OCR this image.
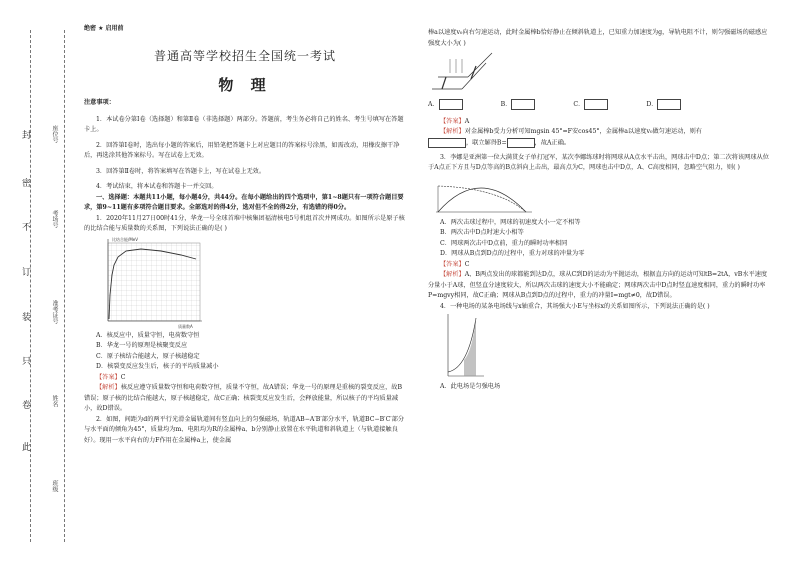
封
密
不
订
装
只
卷
此
座位号
考场号
准考证号
姓名
班级
绝密 ★ 启用前
普通高等学校招生全国统一考试
物 理

注意事项：

1．本试卷分第Ⅰ卷（选择题）和第Ⅱ卷（非选择题）两部分。答题前，考生务必将自己的姓名、考生号填写在答题卡上。

2．回答第Ⅰ卷时，选出每小题的答案后，用铅笔把答题卡上对应题目的答案标号涂黑，如需改动，用橡皮擦干净后，再选涂其他答案标号。写在试卷上无效。

3．回答第Ⅱ卷时，将答案填写在答题卡上，写在试卷上无效。

4．考试结束，将本试卷和答题卡一并交回。

一、选择题：本题共11小题，每小题4分，共44分。在每小题给出的四个选项中，第1~8题只有一项符合题目要求，第9~11题有多项符合题目要求。全部选对的得4分，选对但不全的得2分，有选错的得0分。

1．2020年11月27日00时41分，华龙一号全球首堆中核集团福清核电5号机组首次并网成功。如图所示是原子核的比结合能与质量数的关系图，下列说法正确的是( )

比结合能/MeV
质量数A

A．核反应中，质量守恒，电荷数守恒

B．华龙一号的原理是核聚变反应

C．原子核结合能越大，原子核越稳定

D．核裂变反应发生后，核子的平均质量减小

【答案】C

【解析】核反应遵守质量数守恒和电荷数守恒，质量不守恒，故A错误；华龙一号的原理是重核的裂变反应，故B错误；原子核的比结合能越大，原子核越稳定，故C正确；核裂变反应发生后，会释放能量，所以核子的平均质量减小，故D错误。

2．如图，间距为d的两平行光滑金属轨道间有竖直向上的匀强磁场，轨道AB−A′B′部分水平，轨道BC−B′C′部分与水平面的倾角为45°，质量均为m、电阻均为R的金属棒a、b分别静止放置在水平轨道和斜轨道上（与轨道接触良好）。现用一水平向右的力F作用在金属棒a上，使金属

棒a以速度v₀向右匀速运动，此时金属棒b恰好静止在倾斜轨道上，已知重力加速度为g，导轨电阻不计，则匀强磁场的磁感应强度大小为( )

A．	B．	C．	D．

【答案】A

【解析】对金属棒b受力分析可知mgsin 45°=F安cos45°，金属棒a以速度v₀做匀速运动，则有

，联立解得B=	，故A正确。

3．李娜是亚洲第一位大满贯女子单打冠军，某次李娜练球时将网球从A点水平击出，网球击中D点；第二次将该网球从位于A点正下方且与D点等高的B点斜向上击出，最高点为C，网球也击中D点，A、C高度相同，忽略空气阻力，则( )

A．两次击球过程中，网球的初速度大小一定不相等

B．两次击中D点时速大小相等

C．网球两次击中D点前，重力的瞬时功率相同

D．网球从B点到D点的过程中，重力对球的冲量为零

【答案】C

【解析】A、B两点发出的球都能到达D点，球从C到D的运动为平抛运动，根据直方向的运动可知tB=2tA，vB水平速度分量小于A球，但竖直分速度较大，所以两次击球的速度大小不能确定；网球两次击中D点时竖直速度相同，重力的瞬时功率P=mgvy相同，故C正确；网球从B点到D点的过程中，重力的冲量I=mgt≠0，故D错误。

4．一种电场的某条电场线与x轴重合，其场强大小E与坐标x的关系如图所示，下列说法正确的是( )

A．此电场是匀强电场
